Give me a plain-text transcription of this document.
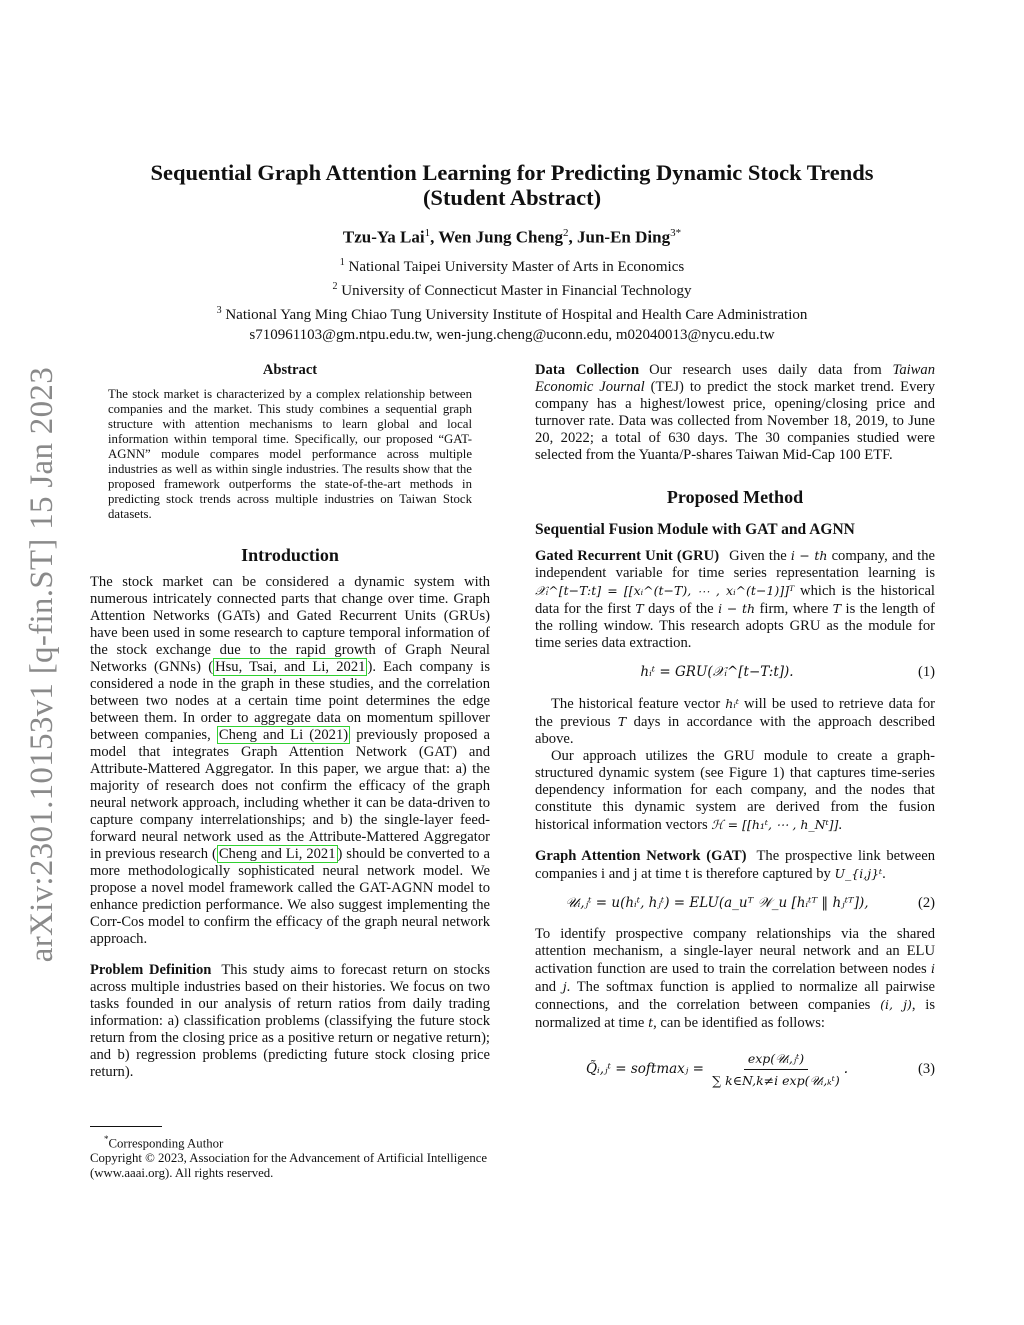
arXiv:2301.10153v1 [q-fin.ST] 15 Jan 2023
Sequential Graph Attention Learning for Predicting Dynamic Stock Trends
(Student Abstract)
Tzu-Ya Lai$^1$, Wen Jung Cheng$^2$, Jun-En Ding$^{3*}$
$^1$ National Taipei University Master of Arts in Economics
$^2$ University of Connecticut Master in Financial Technology
$^3$ National Yang Ming Chiao Tung University Institute of Hospital and Health Care Administration
s710961103@gm.ntpu.edu.tw, wen-jung.cheng@uconn.edu, m02040013@nycu.edu.tw
Abstract

The stock market is characterized by a complex relationship between companies and the market. This study combines a sequential graph structure with attention mechanisms to learn global and local information within temporal time. Specifically, our proposed “GAT-AGNN” module compares model performance across multiple industries as well as within single industries. The results show that the proposed framework outperforms the state-of-the-art methods in predicting stock trends across multiple industries on Taiwan Stock datasets.

Introduction

The stock market can be considered a dynamic system with numerous intricately connected parts that change over time. Graph Attention Networks (GATs) and Gated Recurrent Units (GRUs) have been used in some research to capture temporal information of the stock exchange due to the rapid growth of Graph Neural Networks (GNNs) ( Hsu, Tsai, and Li, 2021 ). Each company is considered a node in the graph in these studies, and the correlation between two nodes at a certain time point determines the edge between them. In order to aggregate data on momentum spillover between companies, Cheng and Li (2021) previously proposed a model that integrates Graph Attention Network (GAT) and Attribute-Mattered Aggregator. In this paper, we argue that: a) the majority of research does not confirm the efficacy of the graph neural network approach, including whether it can be data-driven to capture company interrelationships; and b) the single-layer feed-forward neural network used as the Attribute-Mattered Aggregator in previous research ( Cheng and Li, 2021 ) should be converted to a more methodologically sophisticated neural network model. We propose a novel model framework called the GAT-AGNN model to enhance prediction performance. We also suggest implementing the Corr-Cos model to confirm the efficacy of the graph neural network approach.

Problem Definition This study aims to forecast return on stocks across multiple industries based on their histories. We focus on two tasks founded in our analysis of return ratios from daily trading information: a) classification problems (classifying the future stock return from the closing price as a positive return or negative return); and b) regression problems (predicting future stock closing price return).

*Corresponding Author
Copyright © 2023, Association for the Advancement of Artificial Intelligence (www.aaai.org). All rights reserved.

Data Collection Our research uses daily data from Taiwan Economic Journal (TEJ) to predict the stock market trend. Every company has a highest/lowest price, opening/closing price and turnover rate. Data was collected from November 18, 2019, to June 20, 2022; a total of 630 days. The 30 companies studied were selected from the Yuanta/P-shares Taiwan Mid-Cap 100 ETF.

Proposed Method
Sequential Fusion Module with GAT and AGNN

Gated Recurrent Unit (GRU) Given the i − th company, and the independent variable for time series representation learning is 𝒳ᵢ^[t−T:t] = [[xᵢ^(t−T), ⋯ , xᵢ^(t−1)]]ᵀ which is the historical data for the first T days of the i − th firm, where T is the length of the rolling window. This research adopts GRU as the module for time series data extraction.

hᵢᵗ = GRU(𝒳ᵢ^[t−T:t]).	(1)

The historical feature vector hᵢᵗ will be used to retrieve data for the previous T days in accordance with the approach described above.

Our approach utilizes the GRU module to create a graph-structured dynamic system (see Figure 1) that captures time-series dependency information for each company, and the nodes that constitute this dynamic system are derived from the fusion historical information vectors ℋ = [[h₁ᵗ, ⋯ , h_Nᵗ]].

Graph Attention Network (GAT) The prospective link between companies i and j at time t is therefore captured by U_{i,j}ᵗ.

𝒰ᵢ,ⱼᵗ = u(hᵢᵗ, hⱼᵗ) = ELU(a_uᵀ 𝒲_u [hᵢᵗᵀ ‖ hⱼᵗᵀ]),	(2)

To identify prospective company relationships via the shared attention mechanism, a single-layer neural network and an ELU activation function are used to train the correlation between nodes i and j. The softmax function is applied to normalize all pairwise connections, and the correlation between companies (i, j), is normalized at time t, can be identified as follows:

Q̃ᵢ,ⱼᵗ = softmaxⱼ = $\frac{\text{exp(𝒰ᵢ,ⱼᵗ)}}{\text{∑ k∈N,k≠i exp(𝒰ᵢ,ₖᵗ)}}$ .	(3)
